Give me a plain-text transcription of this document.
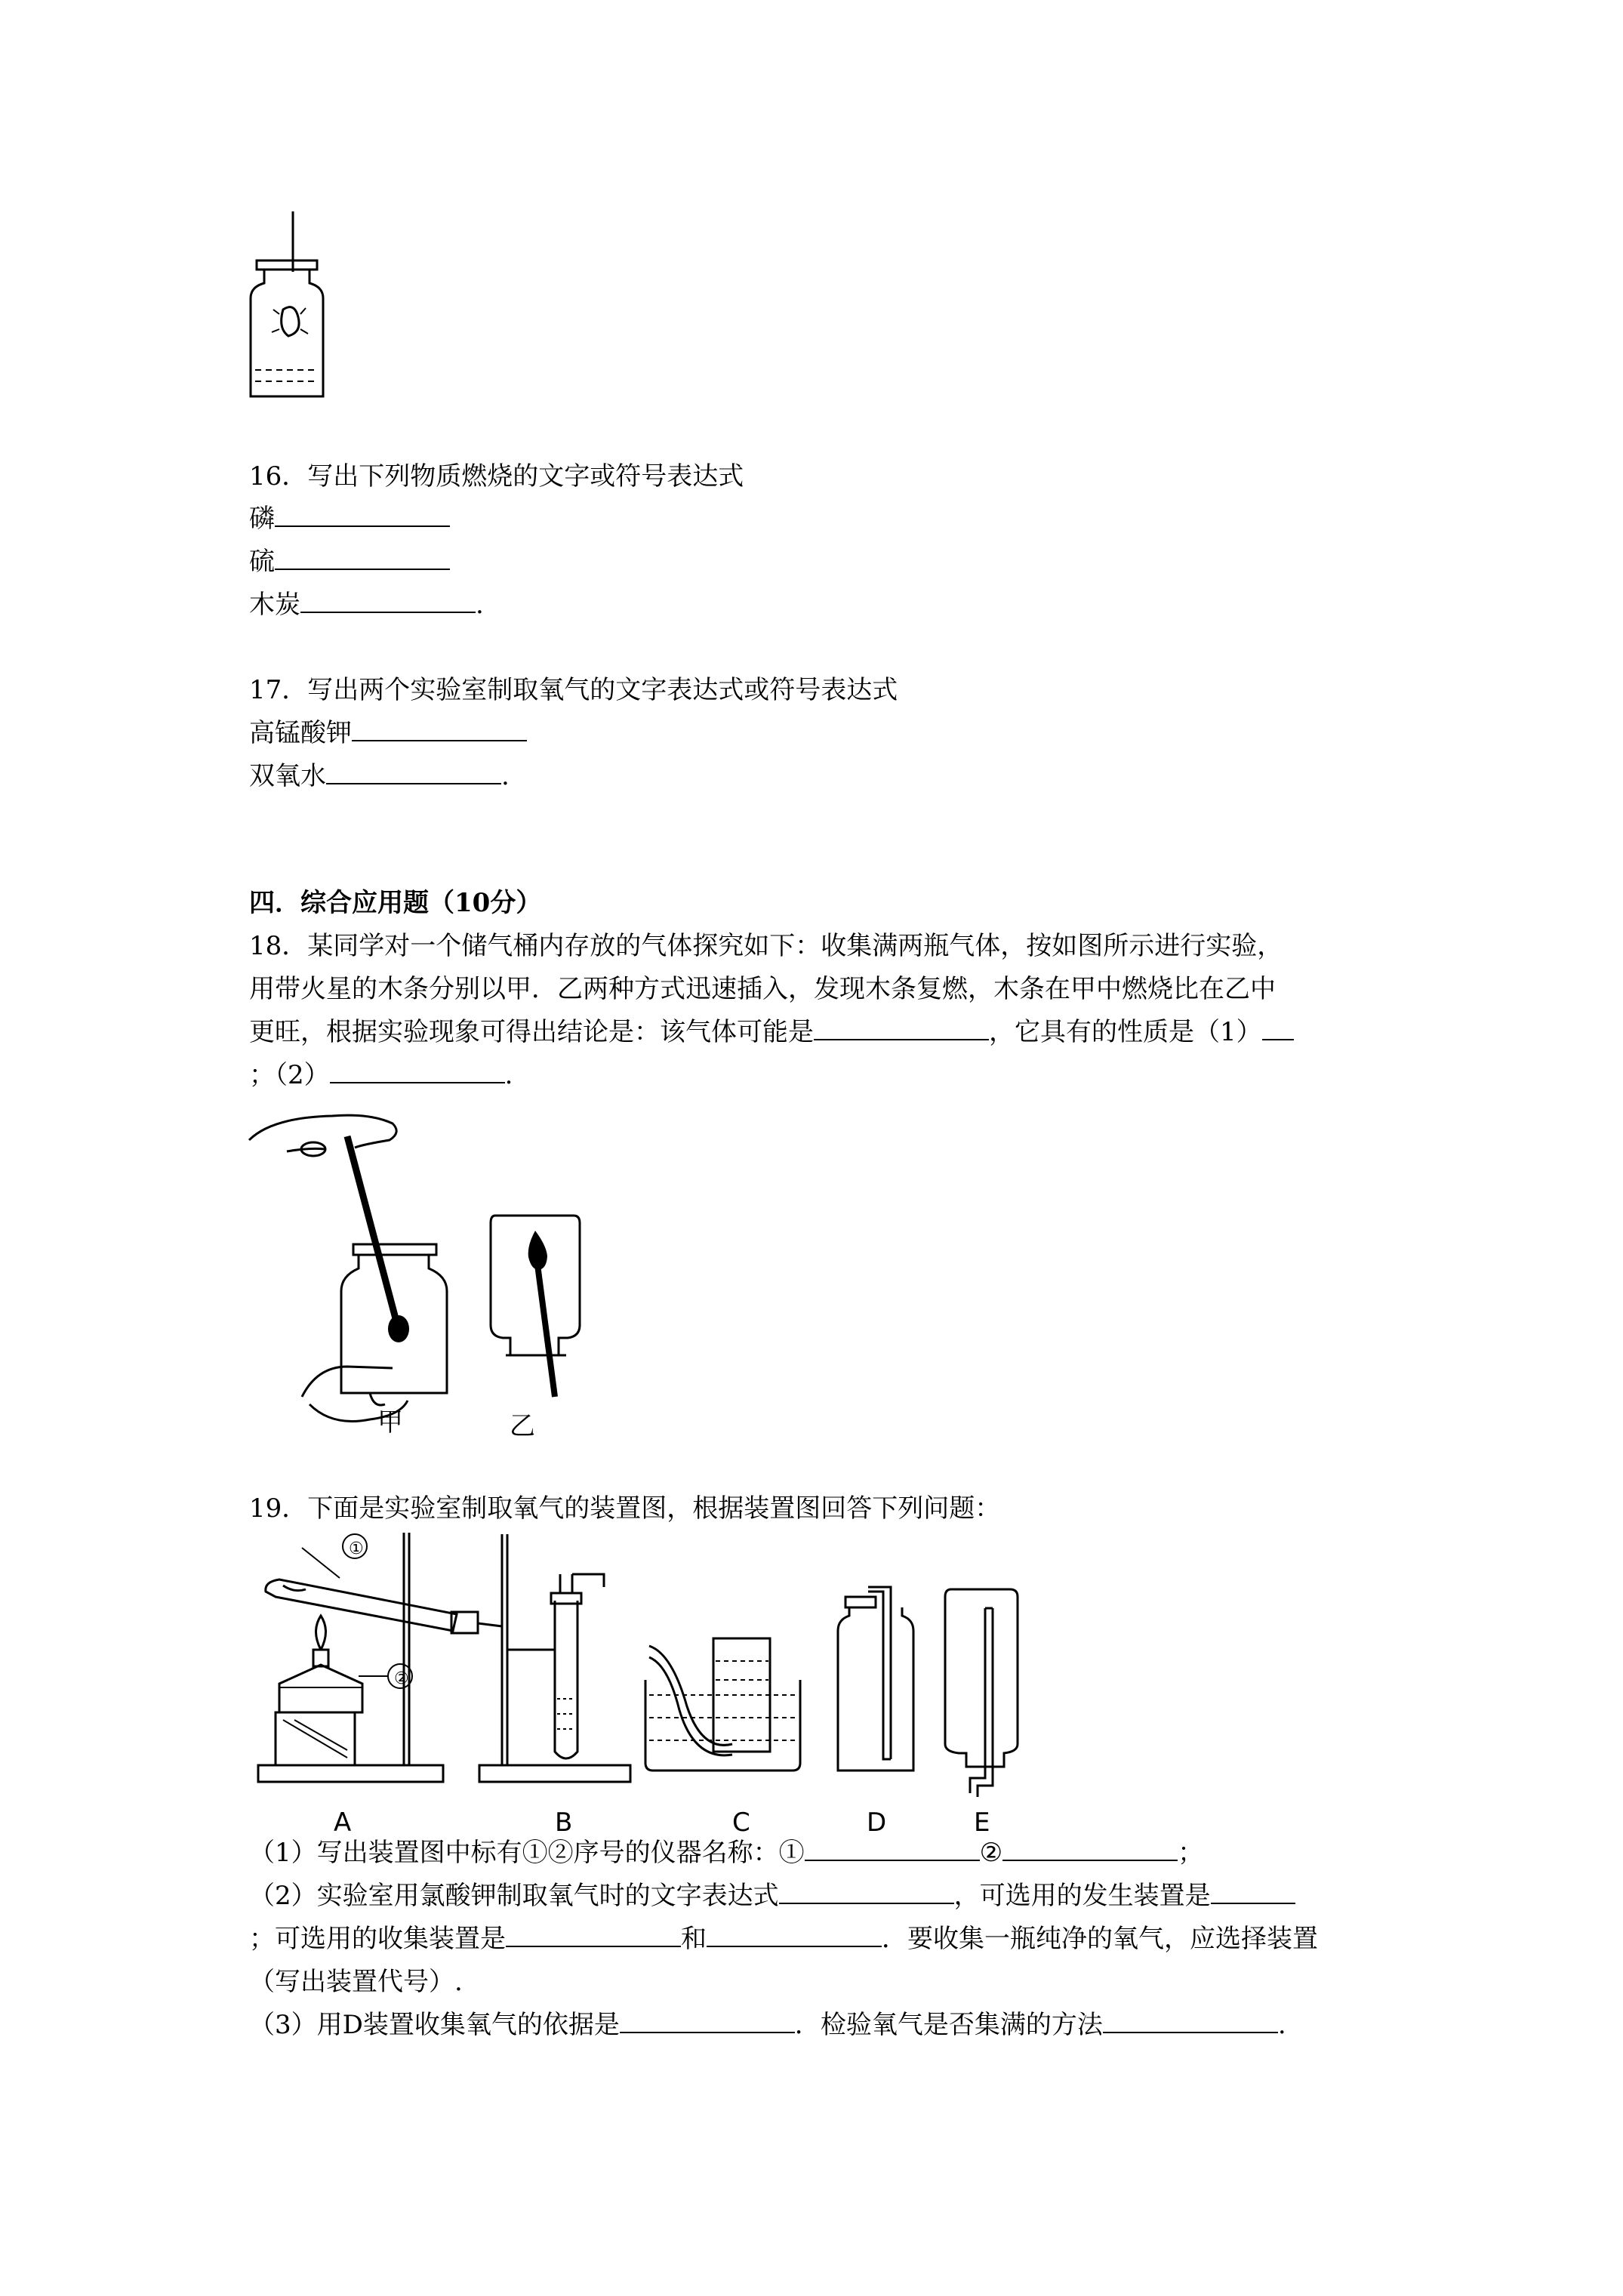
16．写出下列物质燃烧的文字或符号表达式
磷
硫
木炭	.
17．写出两个实验室制取氧气的文字表达式或符号表达式
高锰酸钾
双氧水	.
四．综合应用题（10分）
18．某同学对一个储气桶内存放的气体探究如下：收集满两瓶气体，按如图所示进行实验，
用带火星的木条分别以甲．乙两种方式迅速插入，发现木条复燃，木条在甲中燃烧比在乙中
更旺，根据实验现象可得出结论是：该气体可能是	，它具有的性质是（1）
；（2）	.
甲	乙
19．下面是实验室制取氧气的装置图，根据装置图回答下列问题：
①
②
A	B	C	D	E
（1）写出装置图中标有①②序号的仪器名称：①	②	；
（2）实验室用氯酸钾制取氧气时的文字表达式	，可选用的发生装置是
；可选用的收集装置是	和	．要收集一瓶纯净的氧气，应选择装置
（写出装置代号）.
（3）用D装置收集氧气的依据是	．检验氧气是否集满的方法	.
